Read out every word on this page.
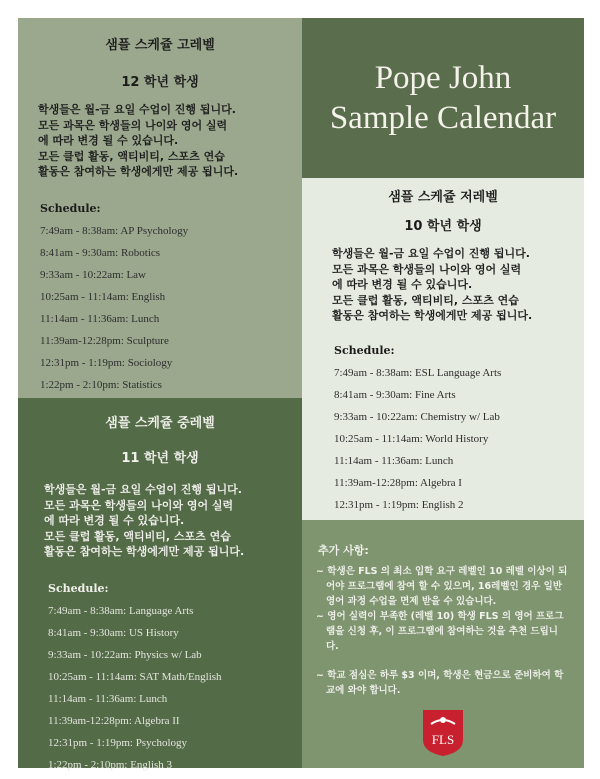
샘플 스케쥴 고레벨
12 학년 학생

학생들은 월-금 요일 수업이 진행 됩니다.
모든 과목은 학생들의 나이와 영어 실력
에 따라 변경 될 수 있습니다.
모든 클럽 활동, 액티비티, 스포츠 연습
활동은 참여하는 학생에게만 제공 됩니다.

Schedule:
7:49am - 8:38am: AP Psychology
8:41am - 9:30am: Robotics
9:33am - 10:22am: Law
10:25am - 11:14am: English
11:14am - 11:36am: Lunch
11:39am-12:28pm: Sculpture
12:31pm - 1:19pm: Sociology
1:22pm - 2:10pm: Statistics
Pope John
Sample Calendar
샘플 스케쥴 저레벨
10 학년 학생

학생들은 월-금 요일 수업이 진행 됩니다.
모든 과목은 학생들의 나이와 영어 실력
에 따라 변경 될 수 있습니다.
모든 클럽 활동, 액티비티, 스포츠 연습
활동은 참여하는 학생에게만 제공 됩니다.

Schedule:
7:49am - 8:38am: ESL Language Arts
8:41am - 9:30am: Fine Arts
9:33am - 10:22am: Chemistry w/ Lab
10:25am - 11:14am: World History
11:14am - 11:36am: Lunch
11:39am-12:28pm: Algebra I
12:31pm - 1:19pm: English 2
샘플 스케쥴 중레벨
11 학년 학생

학생들은 월-금 요일 수업이 진행 됩니다.
모든 과목은 학생들의 나이와 영어 실력
에 따라 변경 될 수 있습니다.
모든 클럽 활동, 액티비티, 스포츠 연습
활동은 참여하는 학생에게만 제공 됩니다.

Schedule:
7:49am - 8:38am: Language Arts
8:41am - 9:30am: US History
9:33am - 10:22am: Physics w/ Lab
10:25am - 11:14am: SAT Math/English
11:14am - 11:36am: Lunch
11:39am-12:28pm: Algebra II
12:31pm - 1:19pm: Psychology
1:22pm - 2:10pm: English 3
추가 사항:

~ 학생은 FLS 의 최소 입학 요구 레벨인 10 레벨 이상이 되어야 프로그램에 참여 할 수 있으며, 16레벨인 경우 일반 영어 과정 수업을 면제 받을 수 있습니다.

~ 영어 실력이 부족한 (레벨 10) 학생 FLS 의 영어 프로그램을 신청 후, 이 프로그램에 참여하는 것을 추천 드립니다.

~ 학교 점심은 하루 $3 이며, 학생은 현금으로 준비하여 학교에 와야 합니다.

FLS
